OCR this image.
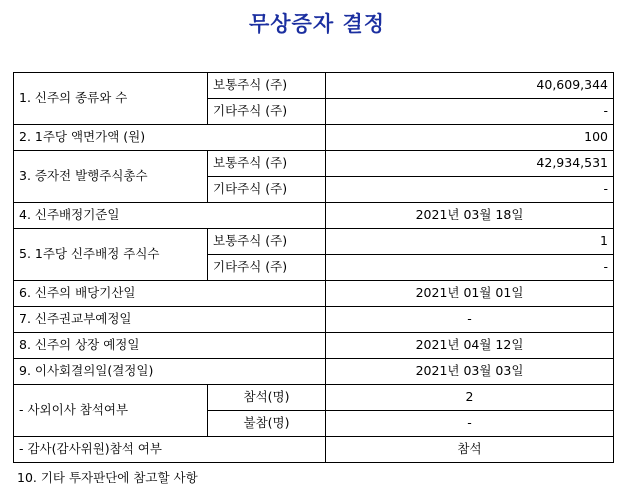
무상증자 결정
1. 신주의 종류와 수	보통주식 (주)	40,609,344
	기타주식 (주)	-
2. 1주당 액면가액 (원)		100
3. 증자전 발행주식총수	보통주식 (주)	42,934,531
	기타주식 (주)	-
4. 신주배정기준일		2021년 03월 18일
5. 1주당 신주배정 주식수	보통주식 (주)	1
	기타주식 (주)	-
6. 신주의 배당기산일		2021년 01월 01일
7. 신주권교부예정일		-
8. 신주의 상장 예정일		2021년 04월 12일
9. 이사회결의일(결정일)		2021년 03월 03일
- 사외이사 참석여부	참석(명)	2
	불참(명)	-
- 감사(감사위원)참석 여부		참석
10. 기타 투자판단에 참고할 사항
